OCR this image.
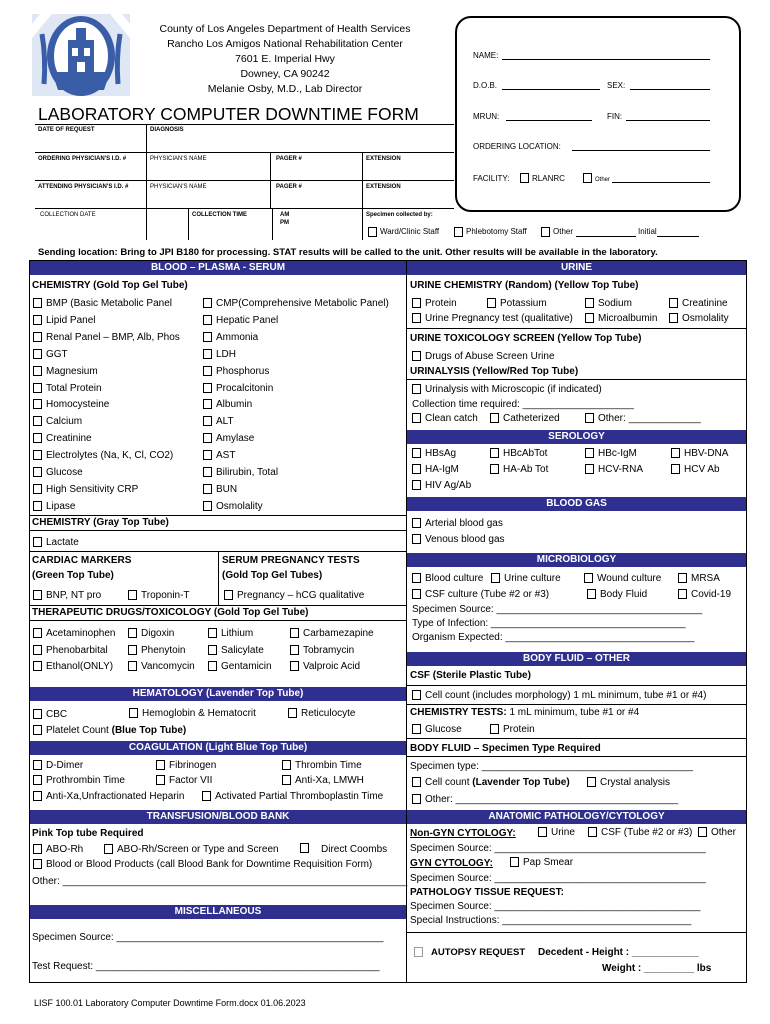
County of Los Angeles Department of Health Services
Rancho Los Amigos National Rehabilitation Center
7601 E. Imperial Hwy
Downey, CA 90242
Melanie Osby, M.D., Lab Director
LABORATORY COMPUTER DOWNTIME FORM
NAME:
D.O.B.	SEX:
MRUN:	FIN:
ORDERING LOCATION:
FACILITY:	RLANRC	Other
DATE OF REQUEST	DIAGNOSIS
ORDERING PHYSICIAN'S I.D. #	PHYSICIAN'S NAME	PAGER #	EXTENSION
ATTENDING PHYSICIAN'S I.D. #	PHYSICIAN'S NAME	PAGER #	EXTENSION
COLLECTION DATE	COLLECTION TIME	AM
PM
Specimen collected by:
Ward/Clinic Staff	Phlebotomy Staff	Other	Initial
Sending location: Bring to JPI B180 for processing. STAT results will be called to the unit. Other results will be available in the laboratory.
BLOOD – PLASMA - SERUM
CHEMISTRY (Gold Top Gel Tube)
BMP (Basic Metabolic Panel
Lipid Panel
Renal Panel – BMP, Alb, Phos
GGT
Magnesium
Total Protein
Homocysteine
Calcium
Creatinine
Electrolytes (Na, K, Cl, CO2)
Glucose
High Sensitivity CRP
Lipase
CMP(Comprehensive Metabolic Panel)
Hepatic Panel
Ammonia
LDH
Phosphorus
Procalcitonin
Albumin
ALT
Amylase
AST
Bilirubin, Total
BUN
Osmolality
CHEMISTRY (Gray Top Tube)
Lactate
CARDIAC MARKERS
(Green Top Tube)
SERUM PREGNANCY TESTS
(Gold Top Gel Tubes)
BNP, NT pro	Troponin-T	Pregnancy – hCG qualitative
THERAPEUTIC DRUGS/TOXICOLOGY (Gold Top Gel Tube)
Acetaminophen	Digoxin	Lithium	Carbamezapine
Phenobarbital	Phenytoin	Salicylate	Tobramycin
Ethanol(ONLY)	Vancomycin	Gentamicin	Valproic Acid
HEMATOLOGY (Lavender Top Tube)
CBC	Hemoglobin & Hematocrit	Reticulocyte
Platelet Count (Blue Top Tube)
COAGULATION (Light Blue Top Tube)
D-Dimer	Fibrinogen	Thrombin Time
Prothrombin Time	Factor VII	Anti-Xa, LMWH
Anti-Xa,Unfractionated Heparin	Activated Partial Thromboplastin Time
TRANSFUSION/BLOOD BANK
Pink Top tube Required
ABO-Rh	ABO-Rh/Screen or Type and Screen	Direct Coombs
Blood or Blood Products (call Blood Bank for Downtime Requisition Form)
Other: ______________________________________________________________
MISCELLANEOUS
Specimen Source: ________________________________________________
Test Request: ___________________________________________________
URINE
URINE CHEMISTRY (Random) (Yellow Top Tube)
Protein	Potassium	Sodium	Creatinine
Urine Pregnancy test (qualitative)	Microalbumin	Osmolality
URINE TOXICOLOGY SCREEN (Yellow Top Tube)
Drugs of Abuse Screen Urine
URINALYSIS (Yellow/Red Top Tube)
Urinalysis with Microscopic (if indicated)
Collection time required: ____________________
Clean catch	Catheterized	Other: _____________
SEROLOGY
HBsAg	HBcAbTot	HBc-IgM	HBV-DNA
HA-IgM	HA-Ab Tot	HCV-RNA	HCV Ab
HIV Ag/Ab
BLOOD GAS
Arterial blood gas
Venous blood gas
MICROBIOLOGY
Blood culture	Urine culture	Wound culture	MRSA
CSF culture (Tube #2 or #3)	Body Fluid	Covid-19
Specimen Source: _____________________________________
Type of Infection: ___________________________________
Organism Expected: __________________________________
BODY FLUID – OTHER
CSF (Sterile Plastic Tube)
Cell count (includes morphology) 1 mL minimum, tube #1 or #4)
CHEMISTRY TESTS: 1 mL minimum, tube #1 or #4
Glucose	Protein
BODY FLUID – Specimen Type Required
Specimen type: ______________________________________
Cell count (Lavender Top Tube)	Crystal analysis
Other: ________________________________________
ANATOMIC PATHOLOGY/CYTOLOGY
Non-GYN CYTOLOGY:	Urine	CSF (Tube #2 or #3)	Other
Specimen Source: ______________________________________
GYN CYTOLOGY:	Pap Smear
Specimen Source: ______________________________________
PATHOLOGY TISSUE REQUEST:
Specimen Source: _____________________________________
Special Instructions: __________________________________
AUTOPSY REQUEST Decedent - Height : ____________
Weight : _________ lbs
LISF 100.01 Laboratory Computer Downtime Form.docx 01.06.2023
